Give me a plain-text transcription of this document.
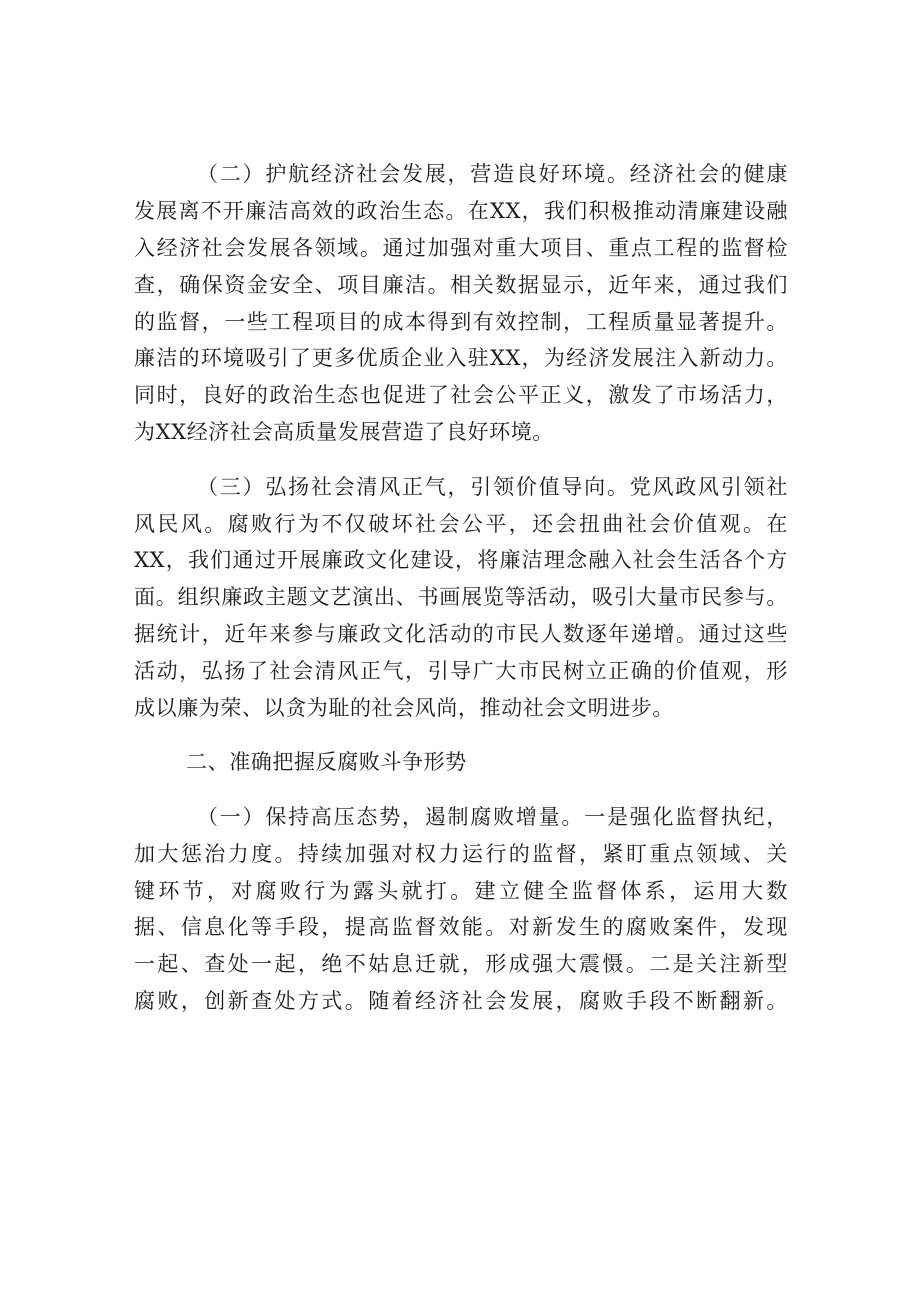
（二）护航经济社会发展，营造良好环境。经济社会的健康
发展离不开廉洁高效的政治生态。在XX，我们积极推动清廉建设融
入经济社会发展各领域。通过加强对重大项目、重点工程的监督检
查，确保资金安全、项目廉洁。相关数据显示，近年来，通过我们
的监督，一些工程项目的成本得到有效控制，工程质量显著提升。
廉洁的环境吸引了更多优质企业入驻XX，为经济发展注入新动力。
同时，良好的政治生态也促进了社会公平正义，激发了市场活力，
为XX经济社会高质量发展营造了良好环境。
（三）弘扬社会清风正气，引领价值导向。党风政风引领社
风民风。腐败行为不仅破坏社会公平，还会扭曲社会价值观。在
XX，我们通过开展廉政文化建设，将廉洁理念融入社会生活各个方
面。组织廉政主题文艺演出、书画展览等活动，吸引大量市民参与。
据统计，近年来参与廉政文化活动的市民人数逐年递增。通过这些
活动，弘扬了社会清风正气，引导广大市民树立正确的价值观，形
成以廉为荣、以贪为耻的社会风尚，推动社会文明进步。
二、准确把握反腐败斗争形势
（一）保持高压态势，遏制腐败增量。一是强化监督执纪，
加大惩治力度。持续加强对权力运行的监督，紧盯重点领域、关
键环节，对腐败行为露头就打。建立健全监督体系，运用大数
据、信息化等手段，提高监督效能。对新发生的腐败案件，发现
一起、查处一起，绝不姑息迁就，形成强大震慑。二是关注新型
腐败，创新查处方式。随着经济社会发展，腐败手段不断翻新。
